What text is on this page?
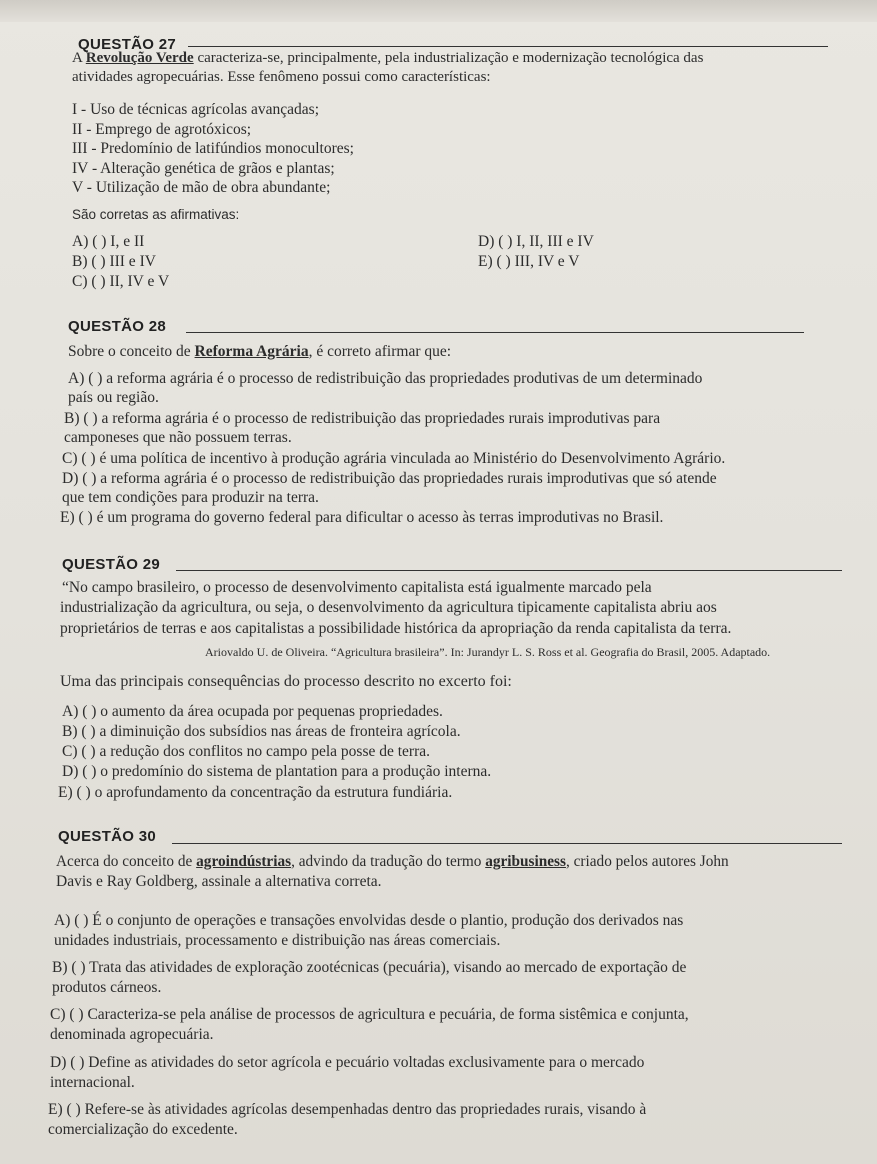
QUESTÃO 27
A Revolução Verde caracteriza-se, principalmente, pela industrialização e modernização tecnológica das
atividades agropecuárias. Esse fenômeno possui como características:
I - Uso de técnicas agrícolas avançadas;
II - Emprego de agrotóxicos;
III - Predomínio de latifúndios monocultores;
IV - Alteração genética de grãos e plantas;
V - Utilização de mão de obra abundante;
São corretas as afirmativas:
A) ( ) I, e II
B) ( ) III e IV
C) ( ) II, IV e V
D) ( ) I, II, III e IV
E) ( ) III, IV e V
QUESTÃO 28
Sobre o conceito de Reforma Agrária, é correto afirmar que:
A) ( ) a reforma agrária é o processo de redistribuição das propriedades produtivas de um determinado
país ou região.
B) ( ) a reforma agrária é o processo de redistribuição das propriedades rurais improdutivas para
camponeses que não possuem terras.
C) ( ) é uma política de incentivo à produção agrária vinculada ao Ministério do Desenvolvimento Agrário.
D) ( ) a reforma agrária é o processo de redistribuição das propriedades rurais improdutivas que só atende
que tem condições para produzir na terra.
E) ( ) é um programa do governo federal para dificultar o acesso às terras improdutivas no Brasil.
QUESTÃO 29
“No campo brasileiro, o processo de desenvolvimento capitalista está igualmente marcado pela
industrialização da agricultura, ou seja, o desenvolvimento da agricultura tipicamente capitalista abriu aos
proprietários de terras e aos capitalistas a possibilidade histórica da apropriação da renda capitalista da terra.
Ariovaldo U. de Oliveira. “Agricultura brasileira”. In: Jurandyr L. S. Ross et al. Geografia do Brasil, 2005. Adaptado.
Uma das principais consequências do processo descrito no excerto foi:
A) ( ) o aumento da área ocupada por pequenas propriedades.
B) ( ) a diminuição dos subsídios nas áreas de fronteira agrícola.
C) ( ) a redução dos conflitos no campo pela posse de terra.
D) ( ) o predomínio do sistema de plantation para a produção interna.
E) ( ) o aprofundamento da concentração da estrutura fundiária.
QUESTÃO 30
Acerca do conceito de agroindústrias, advindo da tradução do termo agribusiness, criado pelos autores John
Davis e Ray Goldberg, assinale a alternativa correta.
A) ( ) É o conjunto de operações e transações envolvidas desde o plantio, produção dos derivados nas
unidades industriais, processamento e distribuição nas áreas comerciais.
B) ( ) Trata das atividades de exploração zootécnicas (pecuária), visando ao mercado de exportação de
produtos cárneos.
C) ( ) Caracteriza-se pela análise de processos de agricultura e pecuária, de forma sistêmica e conjunta,
denominada agropecuária.
D) ( ) Define as atividades do setor agrícola e pecuário voltadas exclusivamente para o mercado
internacional.
E) ( ) Refere-se às atividades agrícolas desempenhadas dentro das propriedades rurais, visando à
comercialização do excedente.
